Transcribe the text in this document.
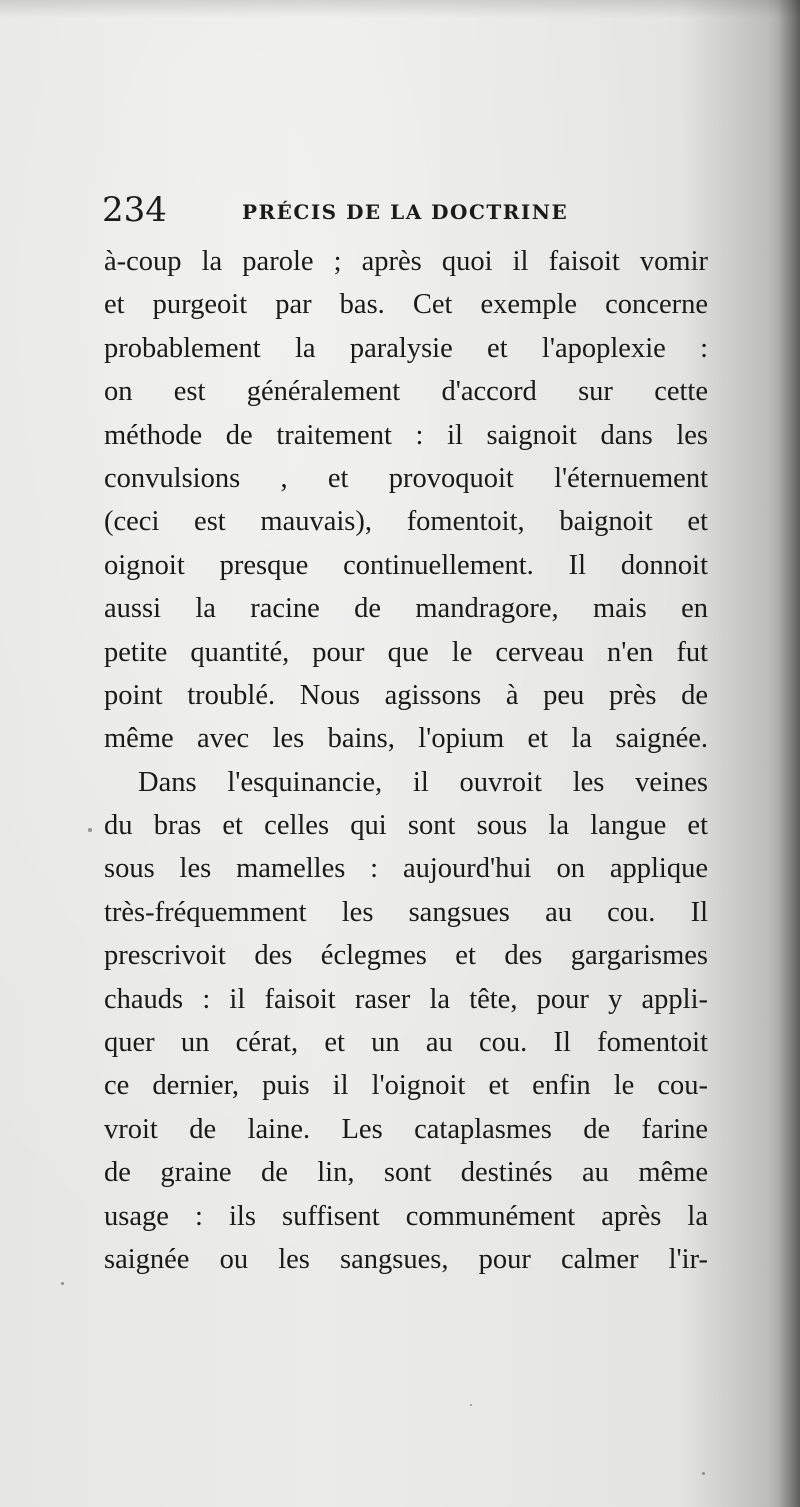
234	PRÉCIS DE LA DOCTRINE
à-coup la parole ; après quoi il faisoit vomir
et purgeoit par bas. Cet exemple concerne
probablement la paralysie et l'apoplexie :
on est généralement d'accord sur cette
méthode de traitement : il saignoit dans les
convulsions , et provoquoit l'éternuement
(ceci est mauvais), fomentoit, baignoit et
oignoit presque continuellement. Il donnoit
aussi la racine de mandragore, mais en
petite quantité, pour que le cerveau n'en fut
point troublé. Nous agissons à peu près de
même avec les bains, l'opium et la saignée.
Dans l'esquinancie, il ouvroit les veines
du bras et celles qui sont sous la langue et
sous les mamelles : aujourd'hui on applique
très-fréquemment les sangsues au cou. Il
prescrivoit des éclegmes et des gargarismes
chauds : il faisoit raser la tête, pour y appli-
quer un cérat, et un au cou. Il fomentoit
ce dernier, puis il l'oignoit et enfin le cou-
vroit de laine. Les cataplasmes de farine
de graine de lin, sont destinés au même
usage : ils suffisent communément après la
saignée ou les sangsues, pour calmer l'ir-
